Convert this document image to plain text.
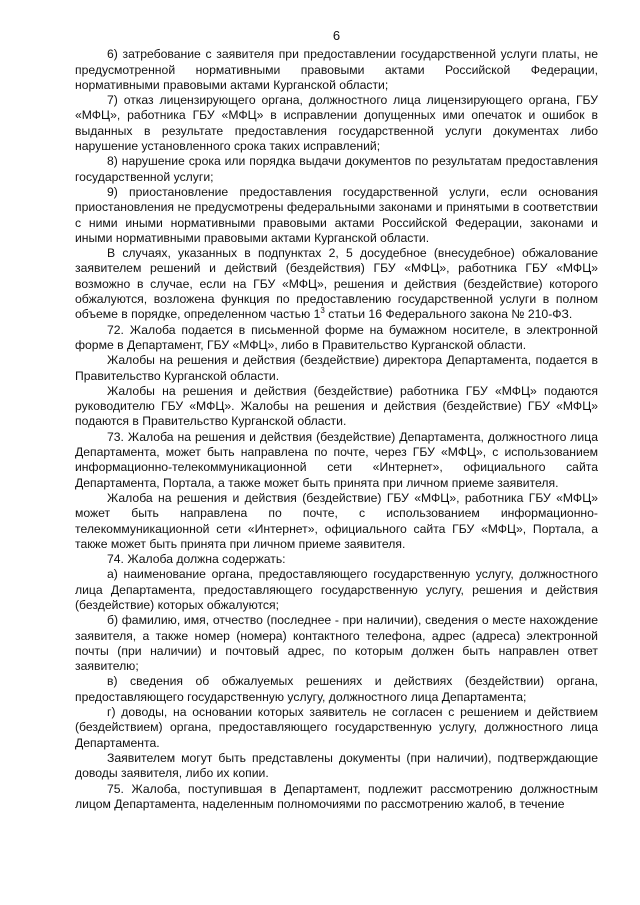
6

6) затребование с заявителя при предоставлении государственной услуги платы, не предусмотренной нормативными правовыми актами Российской Федерации, нормативными правовыми актами Курганской области;

7) отказ лицензирующего органа, должностного лица лицензирующего органа, ГБУ «МФЦ», работника ГБУ «МФЦ» в исправлении допущенных ими опечаток и ошибок в выданных в результате предоставления государственной услуги документах либо нарушение установленного срока таких исправлений;

8) нарушение срока или порядка выдачи документов по результатам предоставления государственной услуги;

9) приостановление предоставления государственной услуги, если основания приостановления не предусмотрены федеральными законами и принятыми в соответствии с ними иными нормативными правовыми актами Российской Федерации, законами и иными нормативными правовыми актами Курганской области.

В случаях, указанных в подпунктах 2, 5 досудебное (внесудебное) обжалование заявителем решений и действий (бездействия) ГБУ «МФЦ», работника ГБУ «МФЦ» возможно в случае, если на ГБУ «МФЦ», решения и действия (бездействие) которого обжалуются, возложена функция по предоставлению государственной услуги в полном объеме в порядке, определенном частью $1^3$ статьи 16 Федерального закона № 210-ФЗ.

72. Жалоба подается в письменной форме на бумажном носителе, в электронной форме в Департамент, ГБУ «МФЦ», либо в Правительство Курганской области.

Жалобы на решения и действия (бездействие) директора Департамента, подается в Правительство Курганской области.

Жалобы на решения и действия (бездействие) работника ГБУ «МФЦ» подаются руководителю ГБУ «МФЦ». Жалобы на решения и действия (бездействие) ГБУ «МФЦ» подаются в Правительство Курганской области.

73. Жалоба на решения и действия (бездействие) Департамента, должностного лица Департамента, может быть направлена по почте, через ГБУ «МФЦ», с использованием информационно-телекоммуникационной сети «Интернет», официального сайта Департамента, Портала, а также может быть принята при личном приеме заявителя.

Жалоба на решения и действия (бездействие) ГБУ «МФЦ», работника ГБУ «МФЦ» может быть направлена по почте, с использованием информационно-телекоммуникационной сети «Интернет», официального сайта ГБУ «МФЦ», Портала, а также может быть принята при личном приеме заявителя.

74. Жалоба должна содержать:

а) наименование органа, предоставляющего государственную услугу, должностного лица Департамента, предоставляющего государственную услугу, решения и действия (бездействие) которых обжалуются;

б) фамилию, имя, отчество (последнее - при наличии), сведения о месте нахождение заявителя, а также номер (номера) контактного телефона, адрес (адреса) электронной почты (при наличии) и почтовый адрес, по которым должен быть направлен ответ заявителю;

в) сведения об обжалуемых решениях и действиях (бездействии) органа, предоставляющего государственную услугу, должностного лица Департамента;

г) доводы, на основании которых заявитель не согласен с решением и действием (бездействием) органа, предоставляющего государственную услугу, должностного лица Департамента.

Заявителем могут быть представлены документы (при наличии), подтверждающие доводы заявителя, либо их копии.

75. Жалоба, поступившая в Департамент, подлежит рассмотрению должностным лицом Департамента, наделенным полномочиями по рассмотрению жалоб, в течение
